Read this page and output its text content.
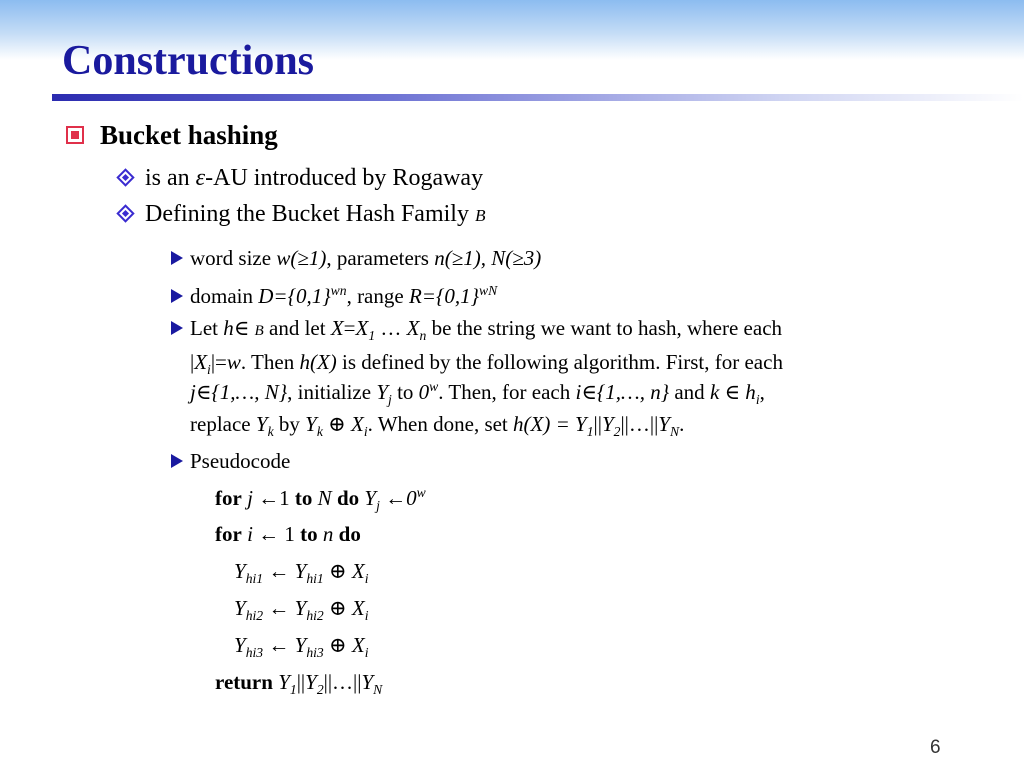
Constructions
Bucket hashing
is an ε-AU introduced by Rogaway
Defining the Bucket Hash Family B
word size w(≥1), parameters n(≥1), N(≥3)
domain $D=\{0,1\}^{wn}$, range $R=\{0,1\}^{wN}$
Let h∈ B and let $X=X_1$ … $X_n$ be the string we want to hash, where each
$|X_i|=w$. Then h(X) is defined by the following algorithm. First, for each
j∈{1,…, N}, initialize $Y_j$ to 0$^w$. Then, for each i∈{1,…, n} and k ∈ $h_i$,
replace $Y_k$ by $Y_k$ ⊕ $X_i$. When done, set $h(X) = Y_1||Y_2||\dots||Y_N$.
Pseudocode
for j ←1 to N do $Y_j$ ←0$^w$
for i ← 1 to n do
$Y_{hi1}$ ← $Y_{hi1}$ ⊕ $X_i$
$Y_{hi2}$ ← $Y_{hi2}$ ⊕ $X_i$
$Y_{hi3}$ ← $Y_{hi3}$ ⊕ $X_i$
return $Y_1||Y_2||\dots||Y_N$
6
